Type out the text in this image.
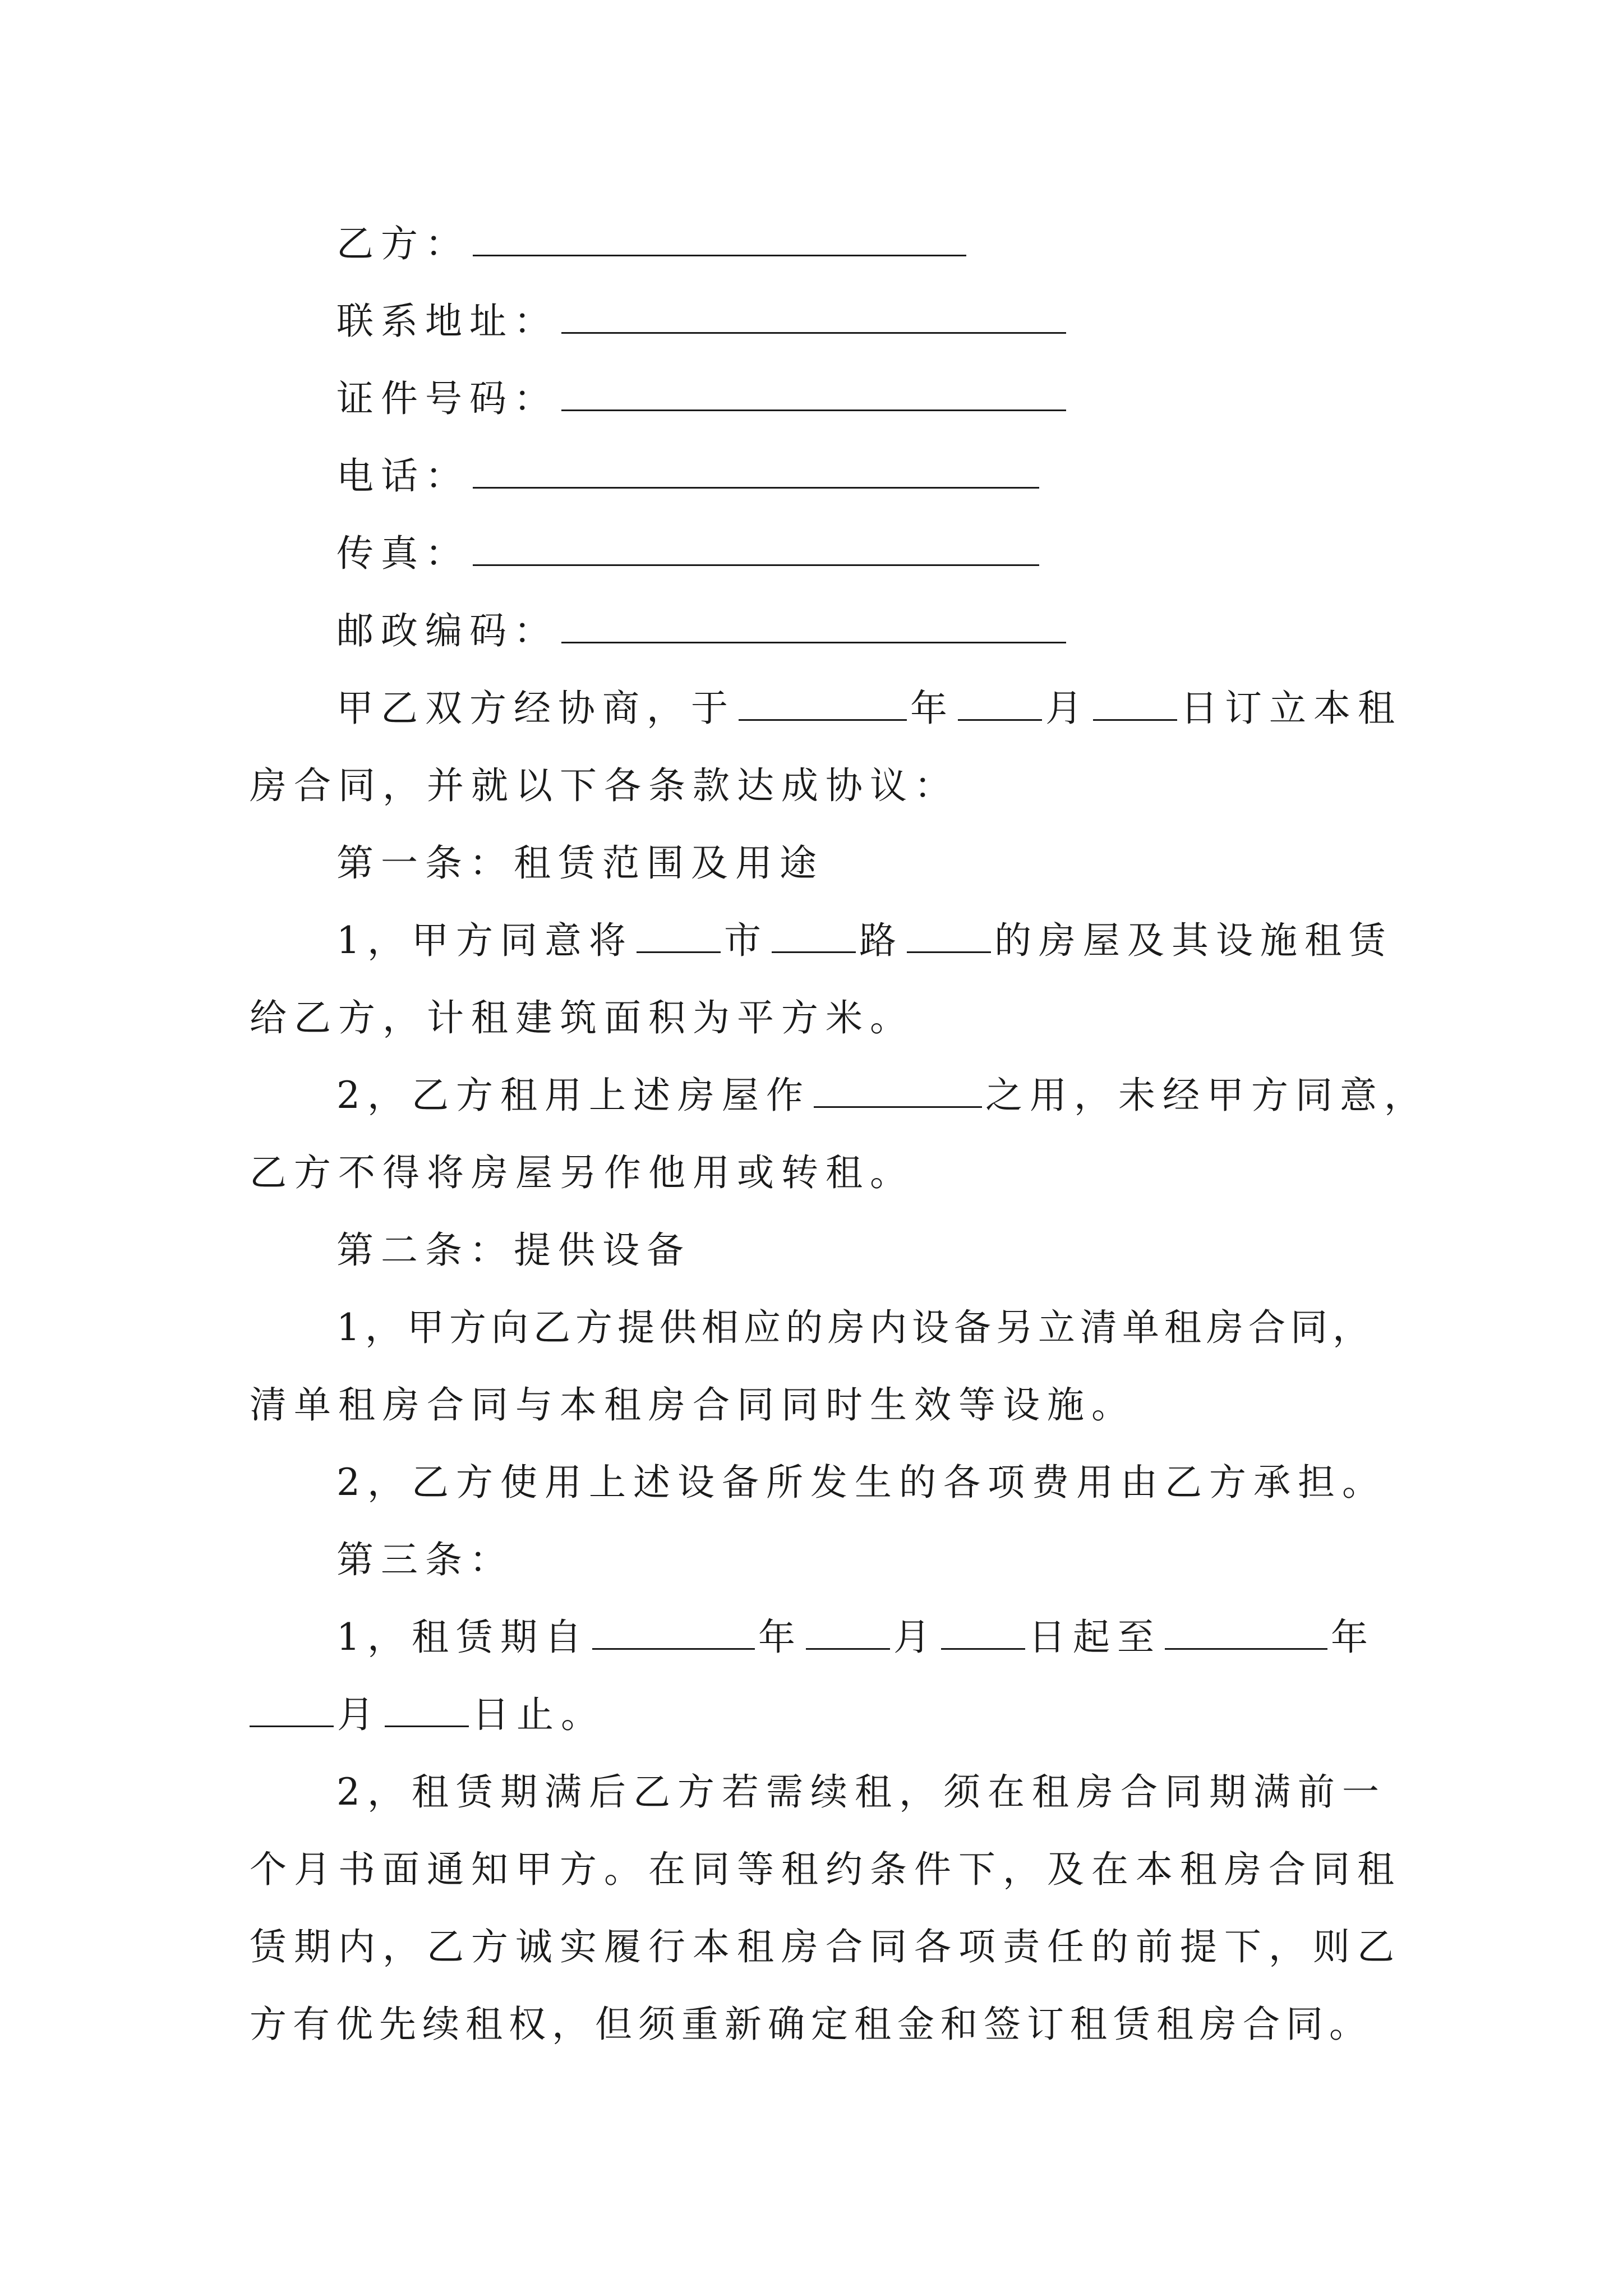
乙方：
联系地址：
证件号码：
电话：
传真：
邮政编码：
甲乙双方经协商，于	年 月 日订立本租
房合同，并就以下各条款达成协议：
第一条：租赁范围及用途
1，甲方同意将 市 路 的房屋及其设施租赁
给乙方，计租建筑面积为平方米。
2，乙方租用上述房屋作	之用，未经甲方同意，
乙方不得将房屋另作他用或转租。
第二条：提供设备
1，甲方向乙方提供相应的房内设备另立清单租房合同，
清单租房合同与本租房合同同时生效等设施。
2，乙方使用上述设备所发生的各项费用由乙方承担。
第三条：
1，租赁期自	年 月 日起至	年
月 日止。
2，租赁期满后乙方若需续租，须在租房合同期满前一
个月书面通知甲方。在同等租约条件下，及在本租房合同租
赁期内，乙方诚实履行本租房合同各项责任的前提下，则乙
方有优先续租权，但须重新确定租金和签订租赁租房合同。
